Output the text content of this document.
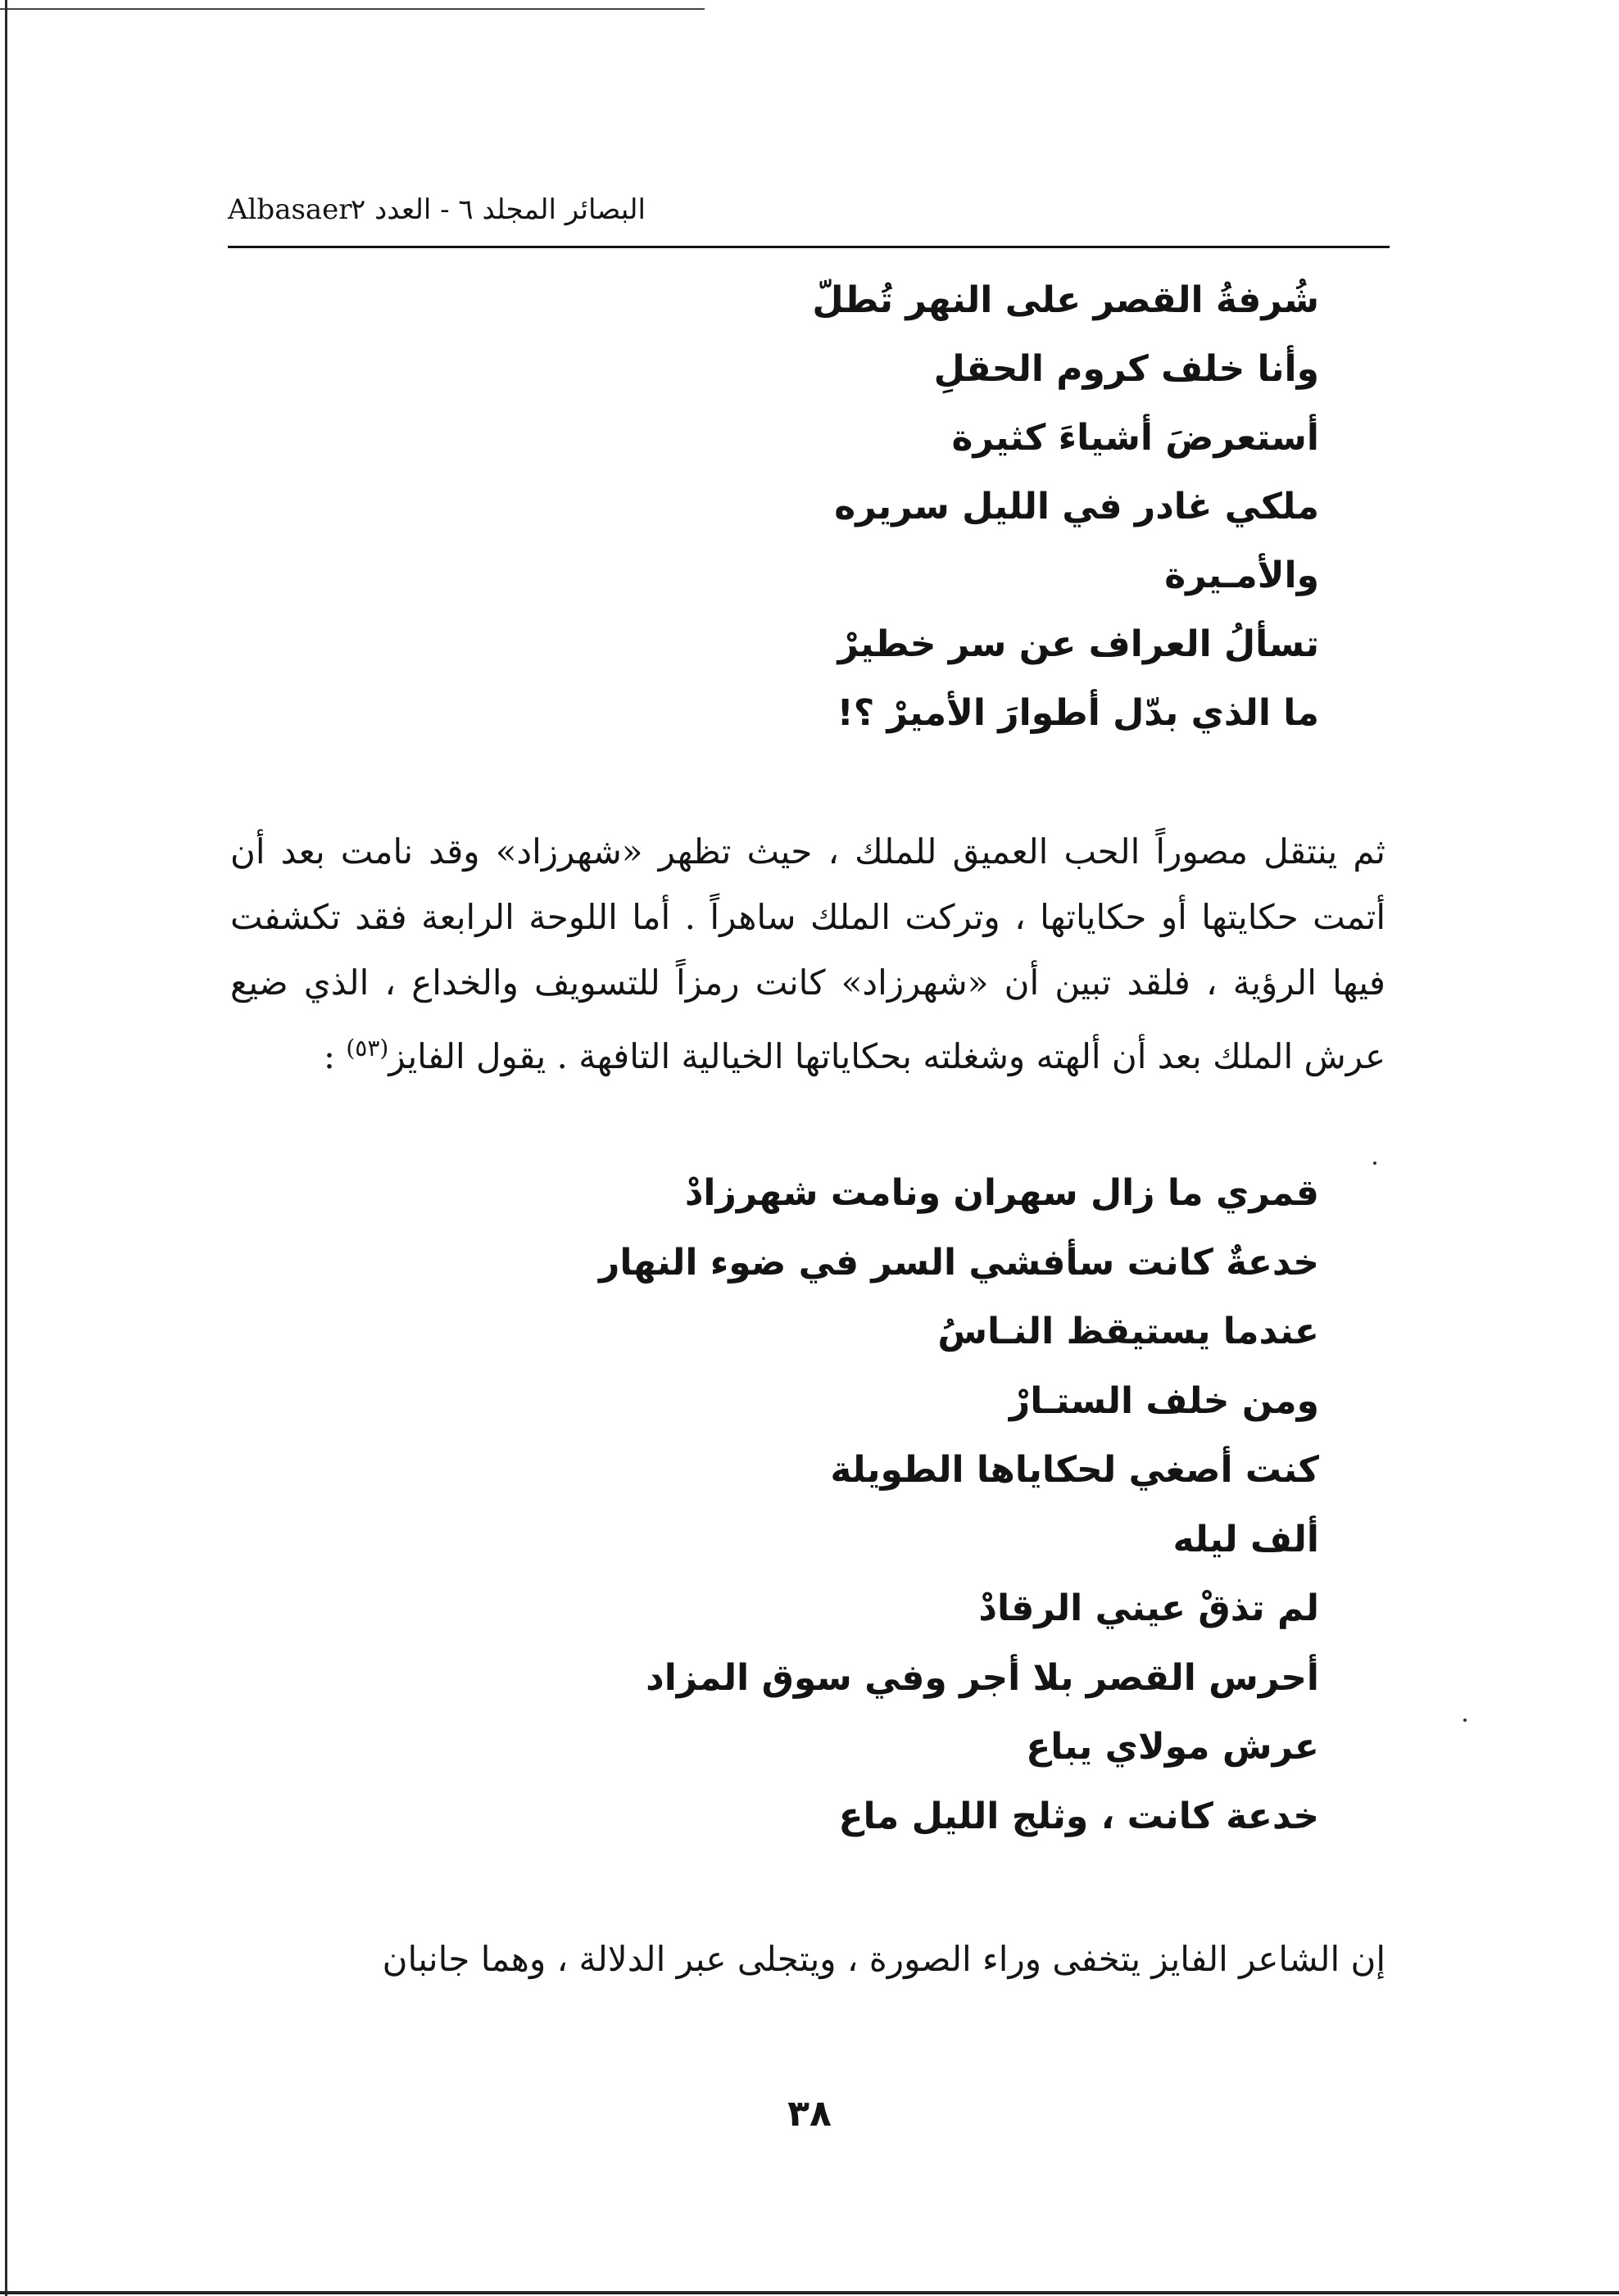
Albasaer
البصائر المجلد ٦ - العدد ٢
شُرفةُ القصر على النهر تُطلّ
وأنا خلف كروم الحقلِ
أستعرضَ أشياءَ كثيرة
ملكي غادر في الليل سريره
والأمـيرة
تسألُ العراف عن سر خطيرْ
ما الذي بدّل أطوارَ الأميرْ ؟!

ثم ينتقل مصوراً الحب العميق للملك ، حيث تظهر «شهرزاد» وقد نامت بعد أن أتمت حكايتها أو حكاياتها ، وتركت الملك ساهراً . أما اللوحة الرابعة فقد تكشفت فيها الرؤية ، فلقد تبين أن «شهرزاد» كانت رمزاً للتسويف والخداع ، الذي ضيع عرش الملك بعد أن ألهته وشغلته بحكاياتها الخيالية التافهة . يقول الفايز$^{(٥٣)}$ :

قمري ما زال سهران ونامت شهرزادْ
خدعةٌ كانت سأفشي السر في ضوء النهار
عندما يستيقظ النـاسُ
ومن خلف الستـارْ
كنت أصغي لحكاياها الطويلة
ألف ليله
لم تذقْ عيني الرقادْ
أحرس القصر بلا أجر وفي سوق المزاد
عرش مولاي يباع
خدعة كانت ، وثلج الليل ماع

إن الشاعر الفايز يتخفى وراء الصورة ، ويتجلى عبر الدلالة ، وهما جانبان

٣٨
